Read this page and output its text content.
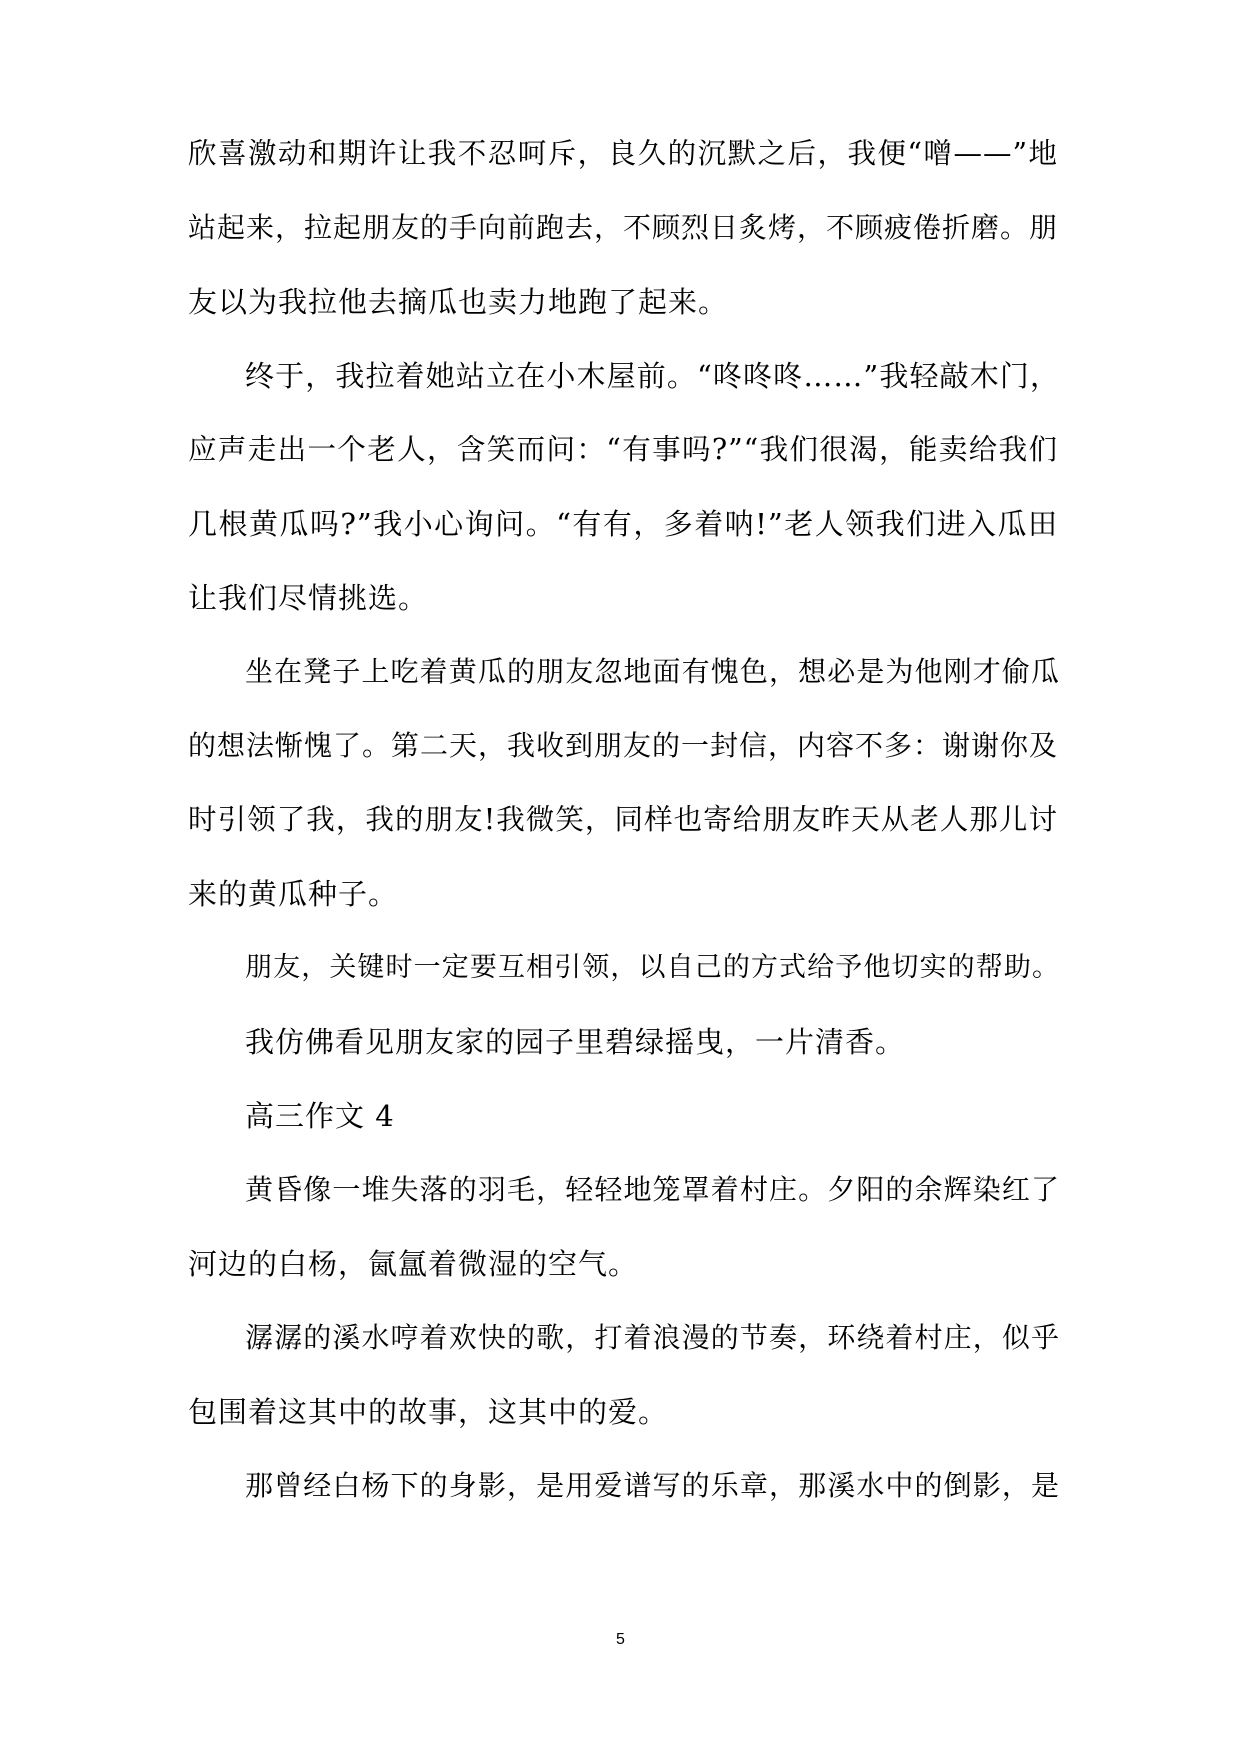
欣喜激动和期许让我不忍呵斥，良久的沉默之后，我便“噌——”地
站起来，拉起朋友的手向前跑去，不顾烈日炙烤，不顾疲倦折磨。朋
友以为我拉他去摘瓜也卖力地跑了起来。
终于，我拉着她站立在小木屋前。“咚咚咚……”我轻敲木门，
应声走出一个老人，含笑而问：“有事吗?”“我们很渴，能卖给我们
几根黄瓜吗?”我小心询问。“有有，多着呐!”老人领我们进入瓜田
让我们尽情挑选。
坐在凳子上吃着黄瓜的朋友忽地面有愧色，想必是为他刚才偷瓜
的想法惭愧了。第二天，我收到朋友的一封信，内容不多：谢谢你及
时引领了我，我的朋友!我微笑，同样也寄给朋友昨天从老人那儿讨
来的黄瓜种子。
朋友，关键时一定要互相引领，以自己的方式给予他切实的帮助。
我仿佛看见朋友家的园子里碧绿摇曳，一片清香。
高三作文 4
黄昏像一堆失落的羽毛，轻轻地笼罩着村庄。夕阳的余辉染红了
河边的白杨，氤氲着微湿的空气。
潺潺的溪水哼着欢快的歌，打着浪漫的节奏，环绕着村庄，似乎
包围着这其中的故事，这其中的爱。
那曾经白杨下的身影，是用爱谱写的乐章，那溪水中的倒影，是
5
